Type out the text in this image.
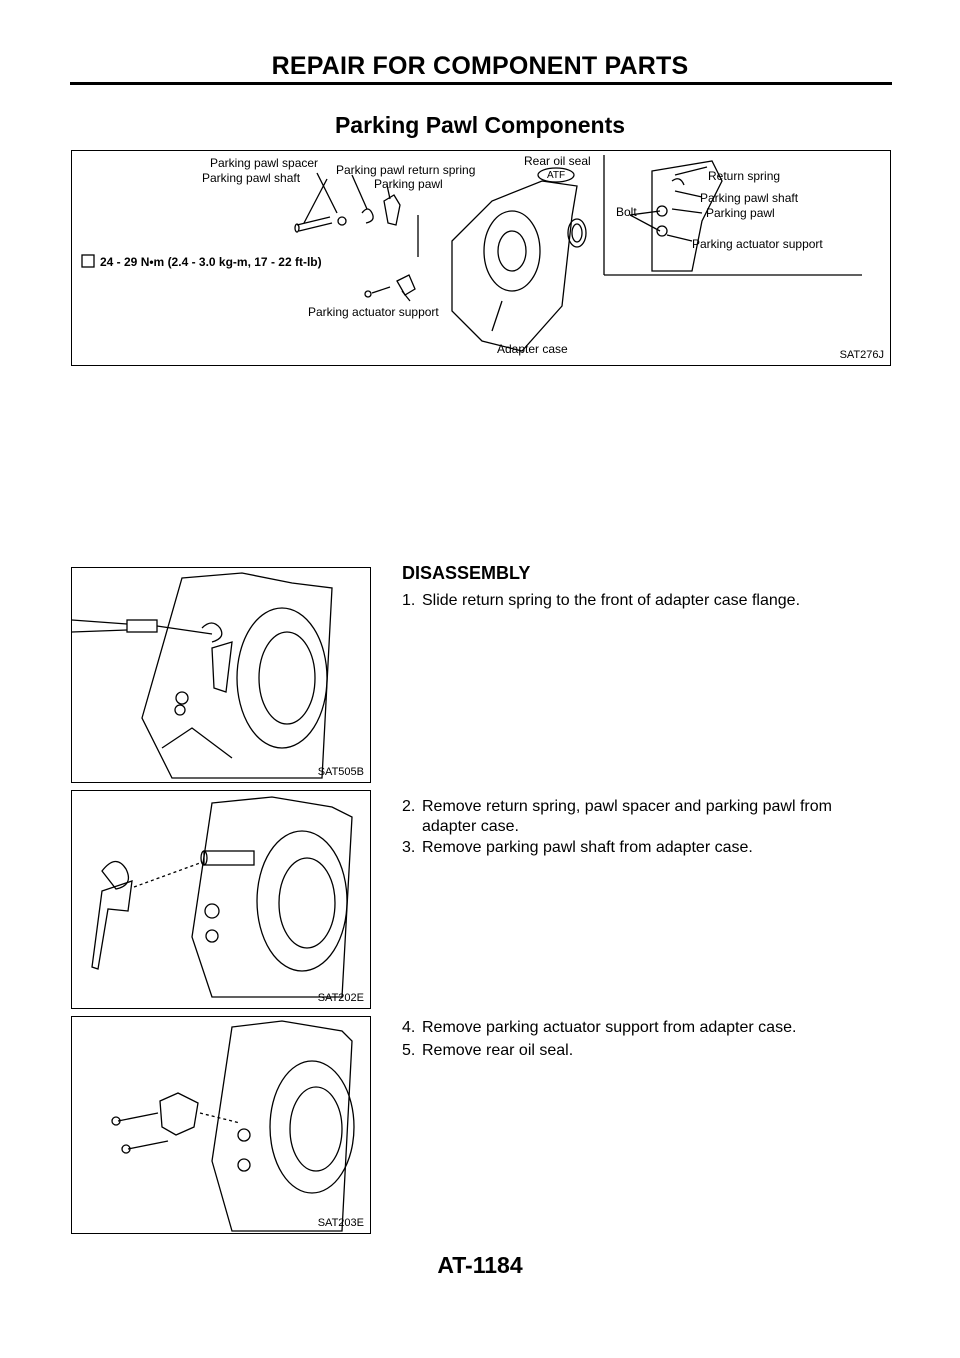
REPAIR FOR COMPONENT PARTS
Parking Pawl Components
Parking pawl spacer
Parking pawl shaft
Parking pawl return spring
Parking pawl
Rear oil seal
ATF
24 - 29 N•m (2.4 - 3.0 kg-m, 17 - 22 ft-lb)
Parking actuator support
Adapter case
Return spring
Parking pawl shaft
Parking pawl
Bolt
Parking actuator support
SAT276J
DISASSEMBLY
1. Slide return spring to the front of adapter case flange.
2. Remove return spring, pawl spacer and parking pawl from
adapter case.
3. Remove parking pawl shaft from adapter case.
4. Remove parking actuator support from adapter case.
5. Remove rear oil seal.
SAT505B
SAT202E
SAT203E
AT-1184
